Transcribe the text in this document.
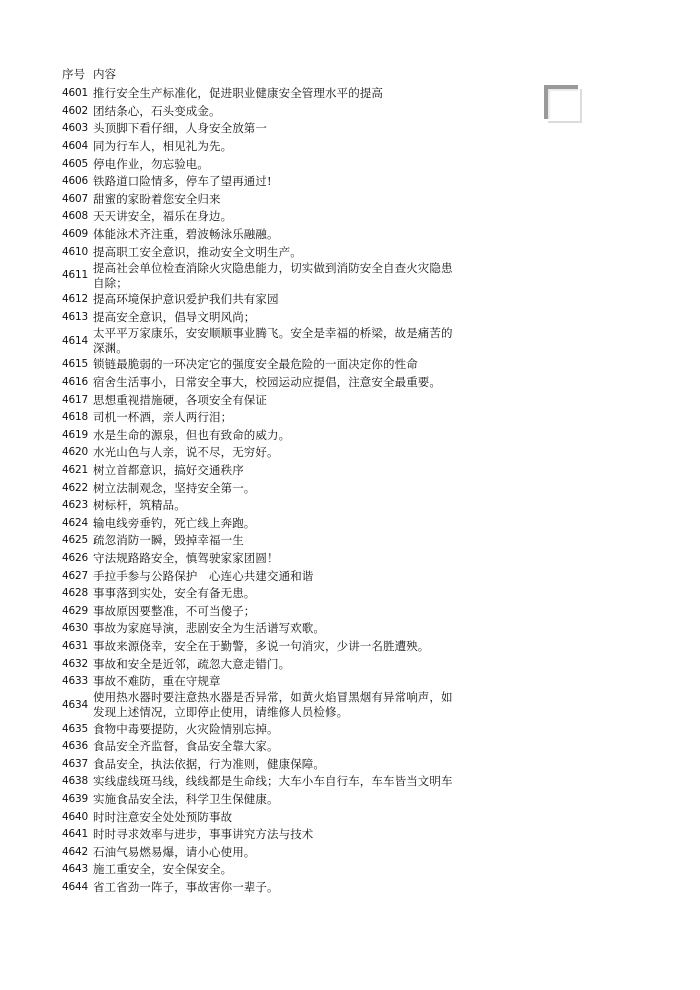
序号	内容
4601	推行安全生产标准化，促进职业健康安全管理水平的提高
4602	团结条心，石头变成金。
4603	头顶脚下看仔细，人身安全放第一
4604	同为行车人，相见礼为先。
4605	停电作业，勿忘验电。
4606	铁路道口险情多，停车了望再通过!
4607	甜蜜的家盼着您安全归来
4608	天天讲安全，福乐在身边。
4609	体能泳术齐注重，碧波畅泳乐融融。
4610	提高职工安全意识，推动安全文明生产。
4611	提高社会单位检查消除火灾隐患能力，切实做到消防安全自查火灾隐患自除；
4612	提高环境保护意识爱护我们共有家园
4613	提高安全意识，倡导文明风尚；
4614	太平平万家康乐，安安顺顺事业腾飞。安全是幸福的桥梁，故是痛苦的深渊。
4615	锁链最脆弱的一环决定它的强度安全最危险的一面决定你的性命
4616	宿舍生活事小，日常安全事大，校园运动应提倡，注意安全最重要。
4617	思想重视措施硬，各项安全有保证
4618	司机一杯酒，亲人两行泪；
4619	水是生命的源泉，但也有致命的威力。
4620	水光山色与人亲，说不尽，无穷好。
4621	树立首都意识，搞好交通秩序
4622	树立法制观念，坚持安全第一。
4623	树标杆，筑精品。
4624	输电线旁垂钓，死亡线上奔跑。
4625	疏忽消防一瞬，毁掉幸福一生
4626	守法规路路安全，慎驾驶家家团圆！
4627	手拉手参与公路保护　心连心共建交通和谐
4628	事事落到实处，安全有备无患。
4629	事故原因要整准，不可当傻子；
4630	事故为家庭导演，悲剧安全为生活谱写欢歌。
4631	事故来源侥幸，安全在于勤警，多说一句消灾，少讲一名胜遭殃。
4632	事故和安全是近邻，疏忽大意走错门。
4633	事故不难防，重在守规章
4634	使用热水器时要注意热水器是否异常，如黄火焰冒黑烟有异常响声，如发现上述情况，立即停止使用，请维修人员检修。
4635	食物中毒要提防，火灾险情别忘掉。
4636	食品安全齐监督，食品安全靠大家。
4637	食品安全，执法依据，行为准则，健康保障。
4638	实线虚线斑马线，线线都是生命线；大车小车自行车，车车皆当文明车
4639	实施食品安全法，科学卫生保健康。
4640	时时注意安全处处预防事故
4641	时时寻求效率与进步，事事讲究方法与技术
4642	石油气易燃易爆，请小心使用。
4643	施工重安全，安全保安全。
4644	省工省劲一阵子，事故害你一辈子。
